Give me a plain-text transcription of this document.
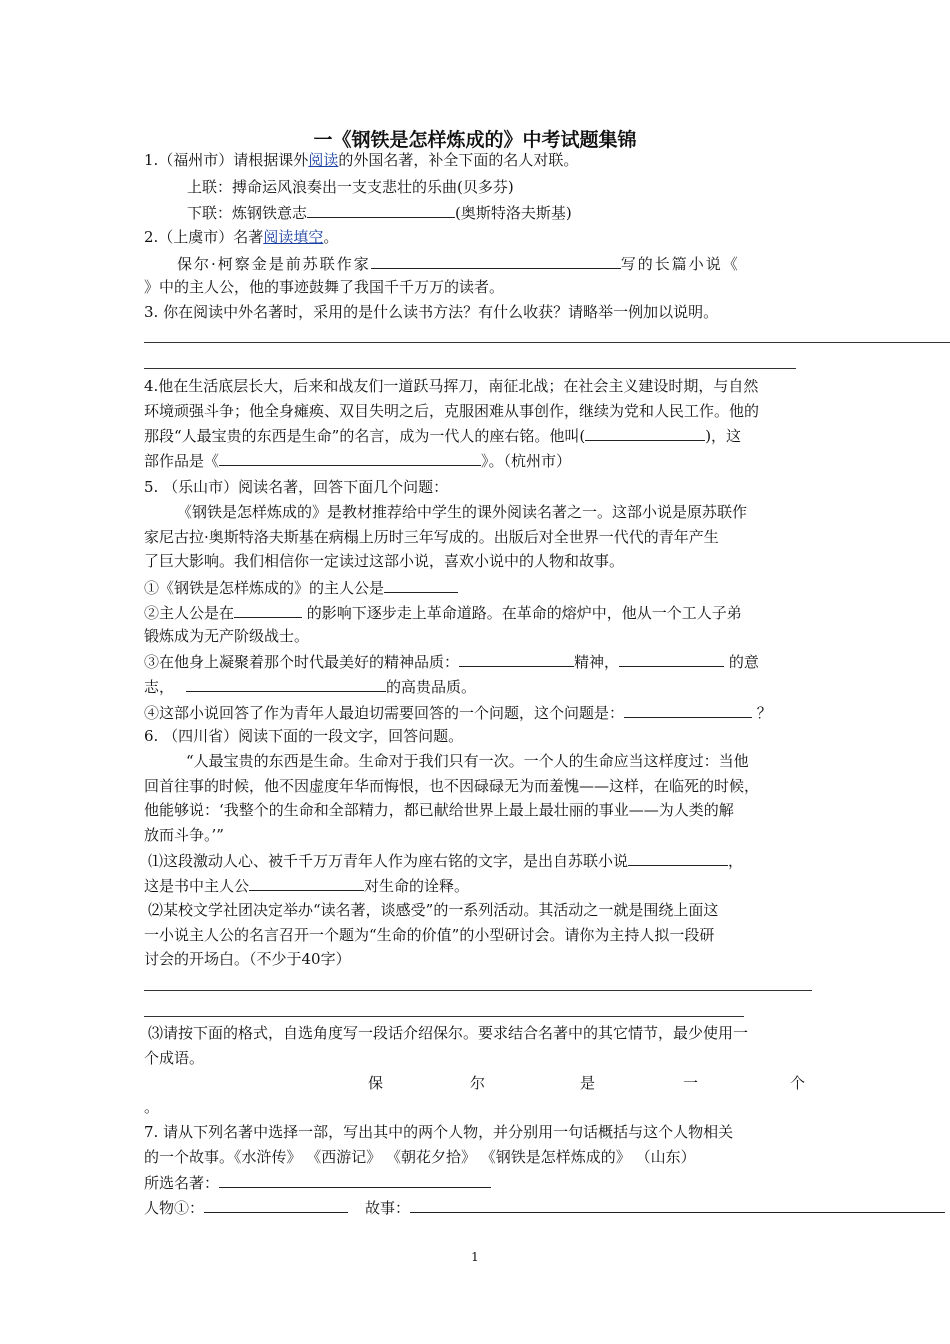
一《钢铁是怎样炼成的》中考试题集锦
1.（福州市）请根据课外阅读的外国名著，补全下面的名人对联。
上联：搏命运风浪奏出一支支悲壮的乐曲(贝多芬)
下联：炼钢铁意志	(奥斯特洛夫斯基)
2.（上虞市）名著阅读填空。
保尔·柯察金是前苏联作家	写的长篇小说《
》中的主人公，他的事迹鼓舞了我国千千万万的读者。
3. 你在阅读中外名著时，采用的是什么读书方法？有什么收获？请略举一例加以说明。
4.他在生活底层长大，后来和战友们一道跃马挥刀，南征北战；在社会主义建设时期，与自然
环境顽强斗争；他全身瘫痪、双目失明之后，克服困难从事创作，继续为党和人民工作。他的
那段“人最宝贵的东西是生命”的名言，成为一代人的座右铭。他叫(	)，这
部作品是《	》。（杭州市）
5. （乐山市）阅读名著，回答下面几个问题：
《钢铁是怎样炼成的》是教材推荐给中学生的课外阅读名著之一。这部小说是原苏联作
家尼古拉·奥斯特洛夫斯基在病榻上历时三年写成的。出版后对全世界一代代的青年产生
了巨大影响。我们相信你一定读过这部小说，喜欢小说中的人物和故事。
①《钢铁是怎样炼成的》的主人公是
②主人公是在	的影响下逐步走上革命道路。在革命的熔炉中，他从一个工人子弟
锻炼成为无产阶级战士。
③在他身上凝聚着那个时代最美好的精神品质：	精神，	的意
志，	的高贵品质。
④这部小说回答了作为青年人最迫切需要回答的一个问题，这个问题是：	？
6. （四川省）阅读下面的一段文字，回答问题。
“人最宝贵的东西是生命。生命对于我们只有一次。一个人的生命应当这样度过：当他
回首往事的时候，他不因虚度年华而悔恨，也不因碌碌无为而羞愧——这样，在临死的时候，
他能够说：‘我整个的生命和全部精力，都已献给世界上最上最壮丽的事业——为人类的解
放而斗争。’”
⑴这段激动人心、被千千万万青年人作为座右铭的文字，是出自苏联小说	，
这是书中主人公	对生命的诠释。
⑵某校文学社团决定举办“读名著，谈感受”的一系列活动。其活动之一就是围绕上面这
一小说主人公的名言召开一个题为“生命的价值”的小型研讨会。请你为主持人拟一段研
讨会的开场白。（不少于40字）
⑶请按下面的格式，自选角度写一段话介绍保尔。要求结合名著中的其它情节，最少使用一
个成语。
保	尔	是	一	个
。
7. 请从下列名著中选择一部，写出其中的两个人物，并分别用一句话概括与这个人物相关
的一个故事。《水浒传》 《西游记》 《朝花夕拾》 《钢铁是怎样炼成的》 （山东）
所选名著：
人物①：	故事：
1
